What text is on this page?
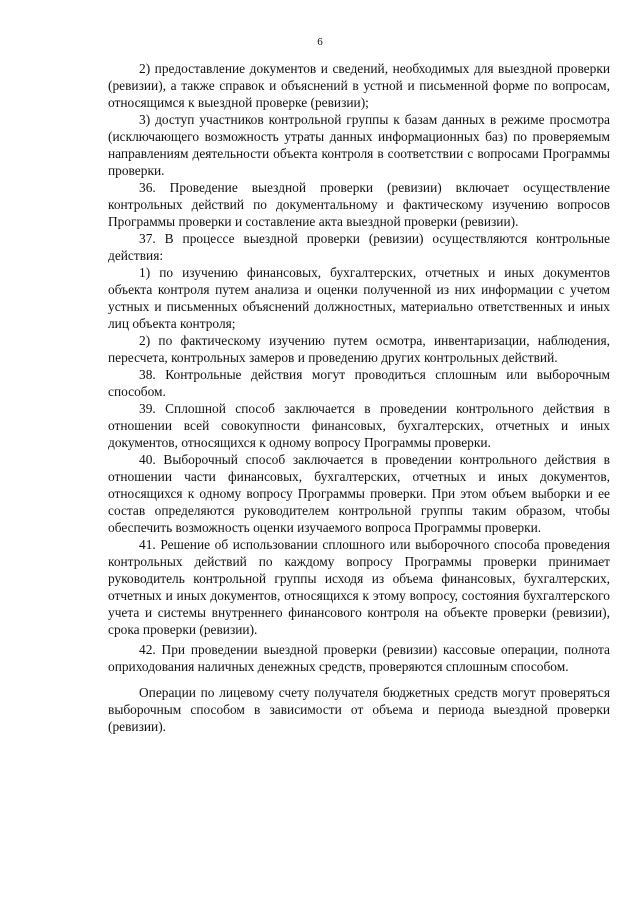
6

2) предоставление документов и сведений, необходимых для выездной проверки (ревизии), а также справок и объяснений в устной и письменной форме по вопросам, относящимся к выездной проверке (ревизии);

3) доступ участников контрольной группы к базам данных в режиме просмотра (исключающего возможность утраты данных информационных баз) по проверяемым направлениям деятельности объекта контроля в соответствии с вопросами Программы проверки.

36. Проведение выездной проверки (ревизии) включает осуществление контрольных действий по документальному и фактическому изучению вопросов Программы проверки и составление акта выездной проверки (ревизии).

37. В процессе выездной проверки (ревизии) осуществляются контрольные действия:

1) по изучению финансовых, бухгалтерских, отчетных и иных документов объекта контроля путем анализа и оценки полученной из них информации с учетом устных и письменных объяснений должностных, материально ответственных и иных лиц объекта контроля;

2) по фактическому изучению путем осмотра, инвентаризации, наблюдения, пересчета, контрольных замеров и проведению других контрольных действий.

38. Контрольные действия могут проводиться сплошным или выборочным способом.

39. Сплошной способ заключается в проведении контрольного действия в отношении всей совокупности финансовых, бухгалтерских, отчетных и иных документов, относящихся к одному вопросу Программы проверки.

40. Выборочный способ заключается в проведении контрольного действия в отношении части финансовых, бухгалтерских, отчетных и иных документов, относящихся к одному вопросу Программы проверки. При этом объем выборки и ее состав определяются руководителем контрольной группы таким образом, чтобы обеспечить возможность оценки изучаемого вопроса Программы проверки.

41. Решение об использовании сплошного или выборочного способа проведения контрольных действий по каждому вопросу Программы проверки принимает руководитель контрольной группы исходя из объема финансовых, бухгалтерских, отчетных и иных документов, относящихся к этому вопросу, состояния бухгалтерского учета и системы внутреннего финансового контроля на объекте проверки (ревизии), срока проверки (ревизии).

42. При проведении выездной проверки (ревизии) кассовые операции, полнота оприходования наличных денежных средств, проверяются сплошным способом.

Операции по лицевому счету получателя бюджетных средств могут проверяться выборочным способом в зависимости от объема и периода выездной проверки (ревизии).
